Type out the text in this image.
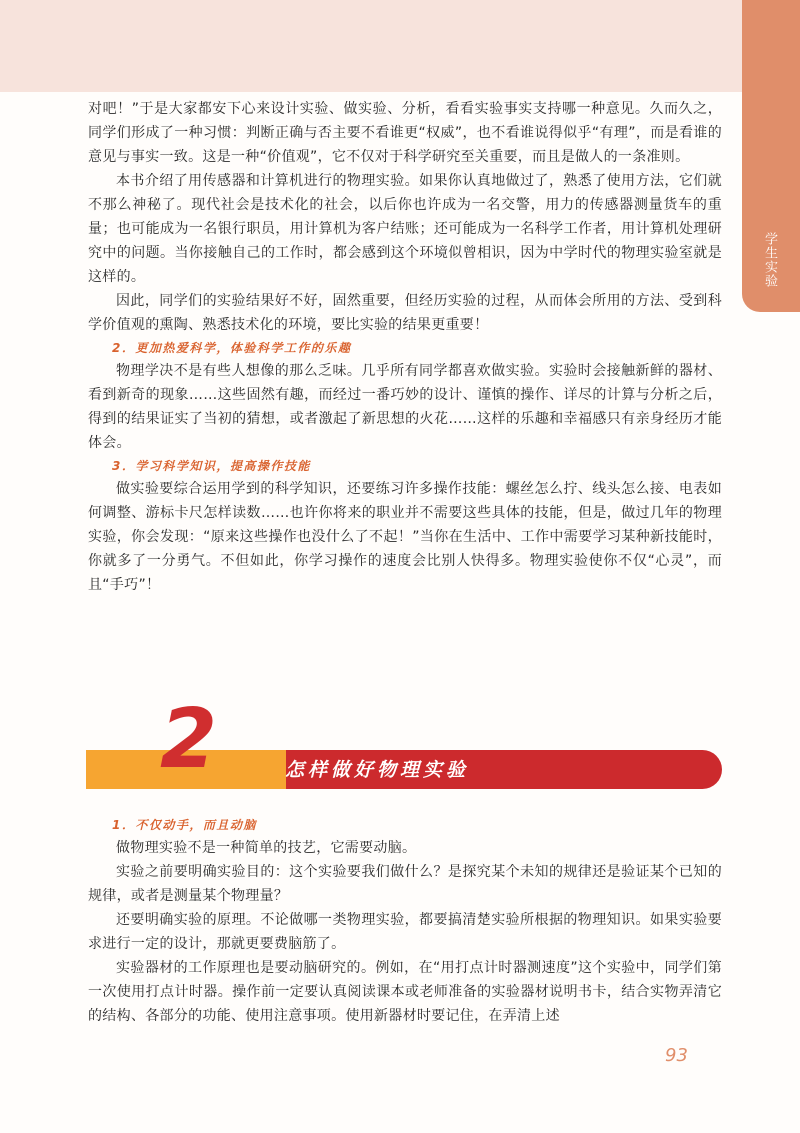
学生实验

对吧！”于是大家都安下心来设计实验、做实验、分析，看看实验事实支持哪一种意见。久而久之，同学们形成了一种习惯：判断正确与否主要不看谁更“权威”，也不看谁说得似乎“有理”，而是看谁的意见与事实一致。这是一种“价值观”，它不仅对于科学研究至关重要，而且是做人的一条准则。

本书介绍了用传感器和计算机进行的物理实验。如果你认真地做过了，熟悉了使用方法，它们就不那么神秘了。现代社会是技术化的社会，以后你也许成为一名交警，用力的传感器测量货车的重量；也可能成为一名银行职员，用计算机为客户结账；还可能成为一名科学工作者，用计算机处理研究中的问题。当你接触自己的工作时，都会感到这个环境似曾相识，因为中学时代的物理实验室就是这样的。

因此，同学们的实验结果好不好，固然重要，但经历实验的过程，从而体会所用的方法、受到科学价值观的熏陶、熟悉技术化的环境，要比实验的结果更重要！

2．更加热爱科学，体验科学工作的乐趣

物理学决不是有些人想像的那么乏味。几乎所有同学都喜欢做实验。实验时会接触新鲜的器材、看到新奇的现象……这些固然有趣，而经过一番巧妙的设计、谨慎的操作、详尽的计算与分析之后，得到的结果证实了当初的猜想，或者激起了新思想的火花……这样的乐趣和幸福感只有亲身经历才能体会。

3．学习科学知识，提高操作技能

做实验要综合运用学到的科学知识，还要练习许多操作技能：螺丝怎么拧、线头怎么接、电表如何调整、游标卡尺怎样读数……也许你将来的职业并不需要这些具体的技能，但是，做过几年的物理实验，你会发现：“原来这些操作也没什么了不起！”当你在生活中、工作中需要学习某种新技能时，你就多了一分勇气。不但如此，你学习操作的速度会比别人快得多。物理实验使你不仅“心灵”，而且“手巧”！

2	怎样做好物理实验

1．不仅动手，而且动脑

做物理实验不是一种简单的技艺，它需要动脑。

实验之前要明确实验目的：这个实验要我们做什么？是探究某个未知的规律还是验证某个已知的规律，或者是测量某个物理量？

还要明确实验的原理。不论做哪一类物理实验，都要搞清楚实验所根据的物理知识。如果实验要求进行一定的设计，那就更要费脑筋了。

实验器材的工作原理也是要动脑研究的。例如，在“用打点计时器测速度”这个实验中，同学们第一次使用打点计时器。操作前一定要认真阅读课本或老师准备的实验器材说明书卡，结合实物弄清它的结构、各部分的功能、使用注意事项。使用新器材时要记住，在弄清上述

93
